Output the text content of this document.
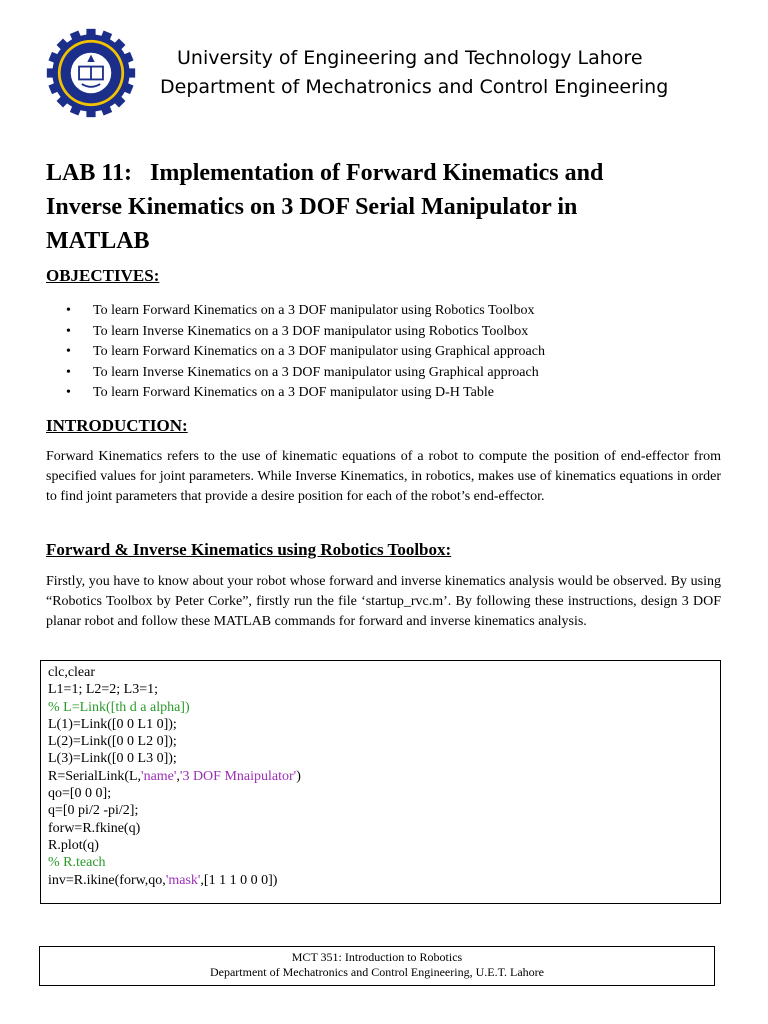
University of Engineering and Technology Lahore
Department of Mechatronics and Control Engineering
LAB 11:   Implementation of Forward Kinematics and
Inverse Kinematics on 3 DOF Serial Manipulator in
MATLAB
OBJECTIVES:
• To learn Forward Kinematics on a 3 DOF manipulator using Robotics Toolbox
• To learn Inverse Kinematics on a 3 DOF manipulator using Robotics Toolbox
• To learn Forward Kinematics on a 3 DOF manipulator using Graphical approach
• To learn Inverse Kinematics on a 3 DOF manipulator using Graphical approach
• To learn Forward Kinematics on a 3 DOF manipulator using D-H Table
INTRODUCTION:

Forward Kinematics refers to the use of kinematic equations of a robot to compute the position of end-effector from specified values for joint parameters. While Inverse Kinematics, in robotics, makes use of kinematics equations in order to find joint parameters that provide a desire position for each of the robot’s end-effector.

Forward & Inverse Kinematics using Robotics Toolbox:

Firstly, you have to know about your robot whose forward and inverse kinematics analysis would be observed. By using “Robotics Toolbox by Peter Corke”, firstly run the file ‘startup_rvc.m’. By following these instructions, design 3 DOF planar robot and follow these MATLAB commands for forward and inverse kinematics analysis.

clc,clear
L1=1; L2=2; L3=1;
% L=Link([th d a alpha])
L(1)=Link([0 0 L1 0]);
L(2)=Link([0 0 L2 0]);
L(3)=Link([0 0 L3 0]);
R=SerialLink(L,'name','3 DOF Mnaipulator')
qo=[0 0 0];
q=[0 pi/2 -pi/2];
forw=R.fkine(q)
R.plot(q)
% R.teach
inv=R.ikine(forw,qo,'mask',[1 1 1 0 0 0])
MCT 351: Introduction to Robotics
Department of Mechatronics and Control Engineering, U.E.T. Lahore
